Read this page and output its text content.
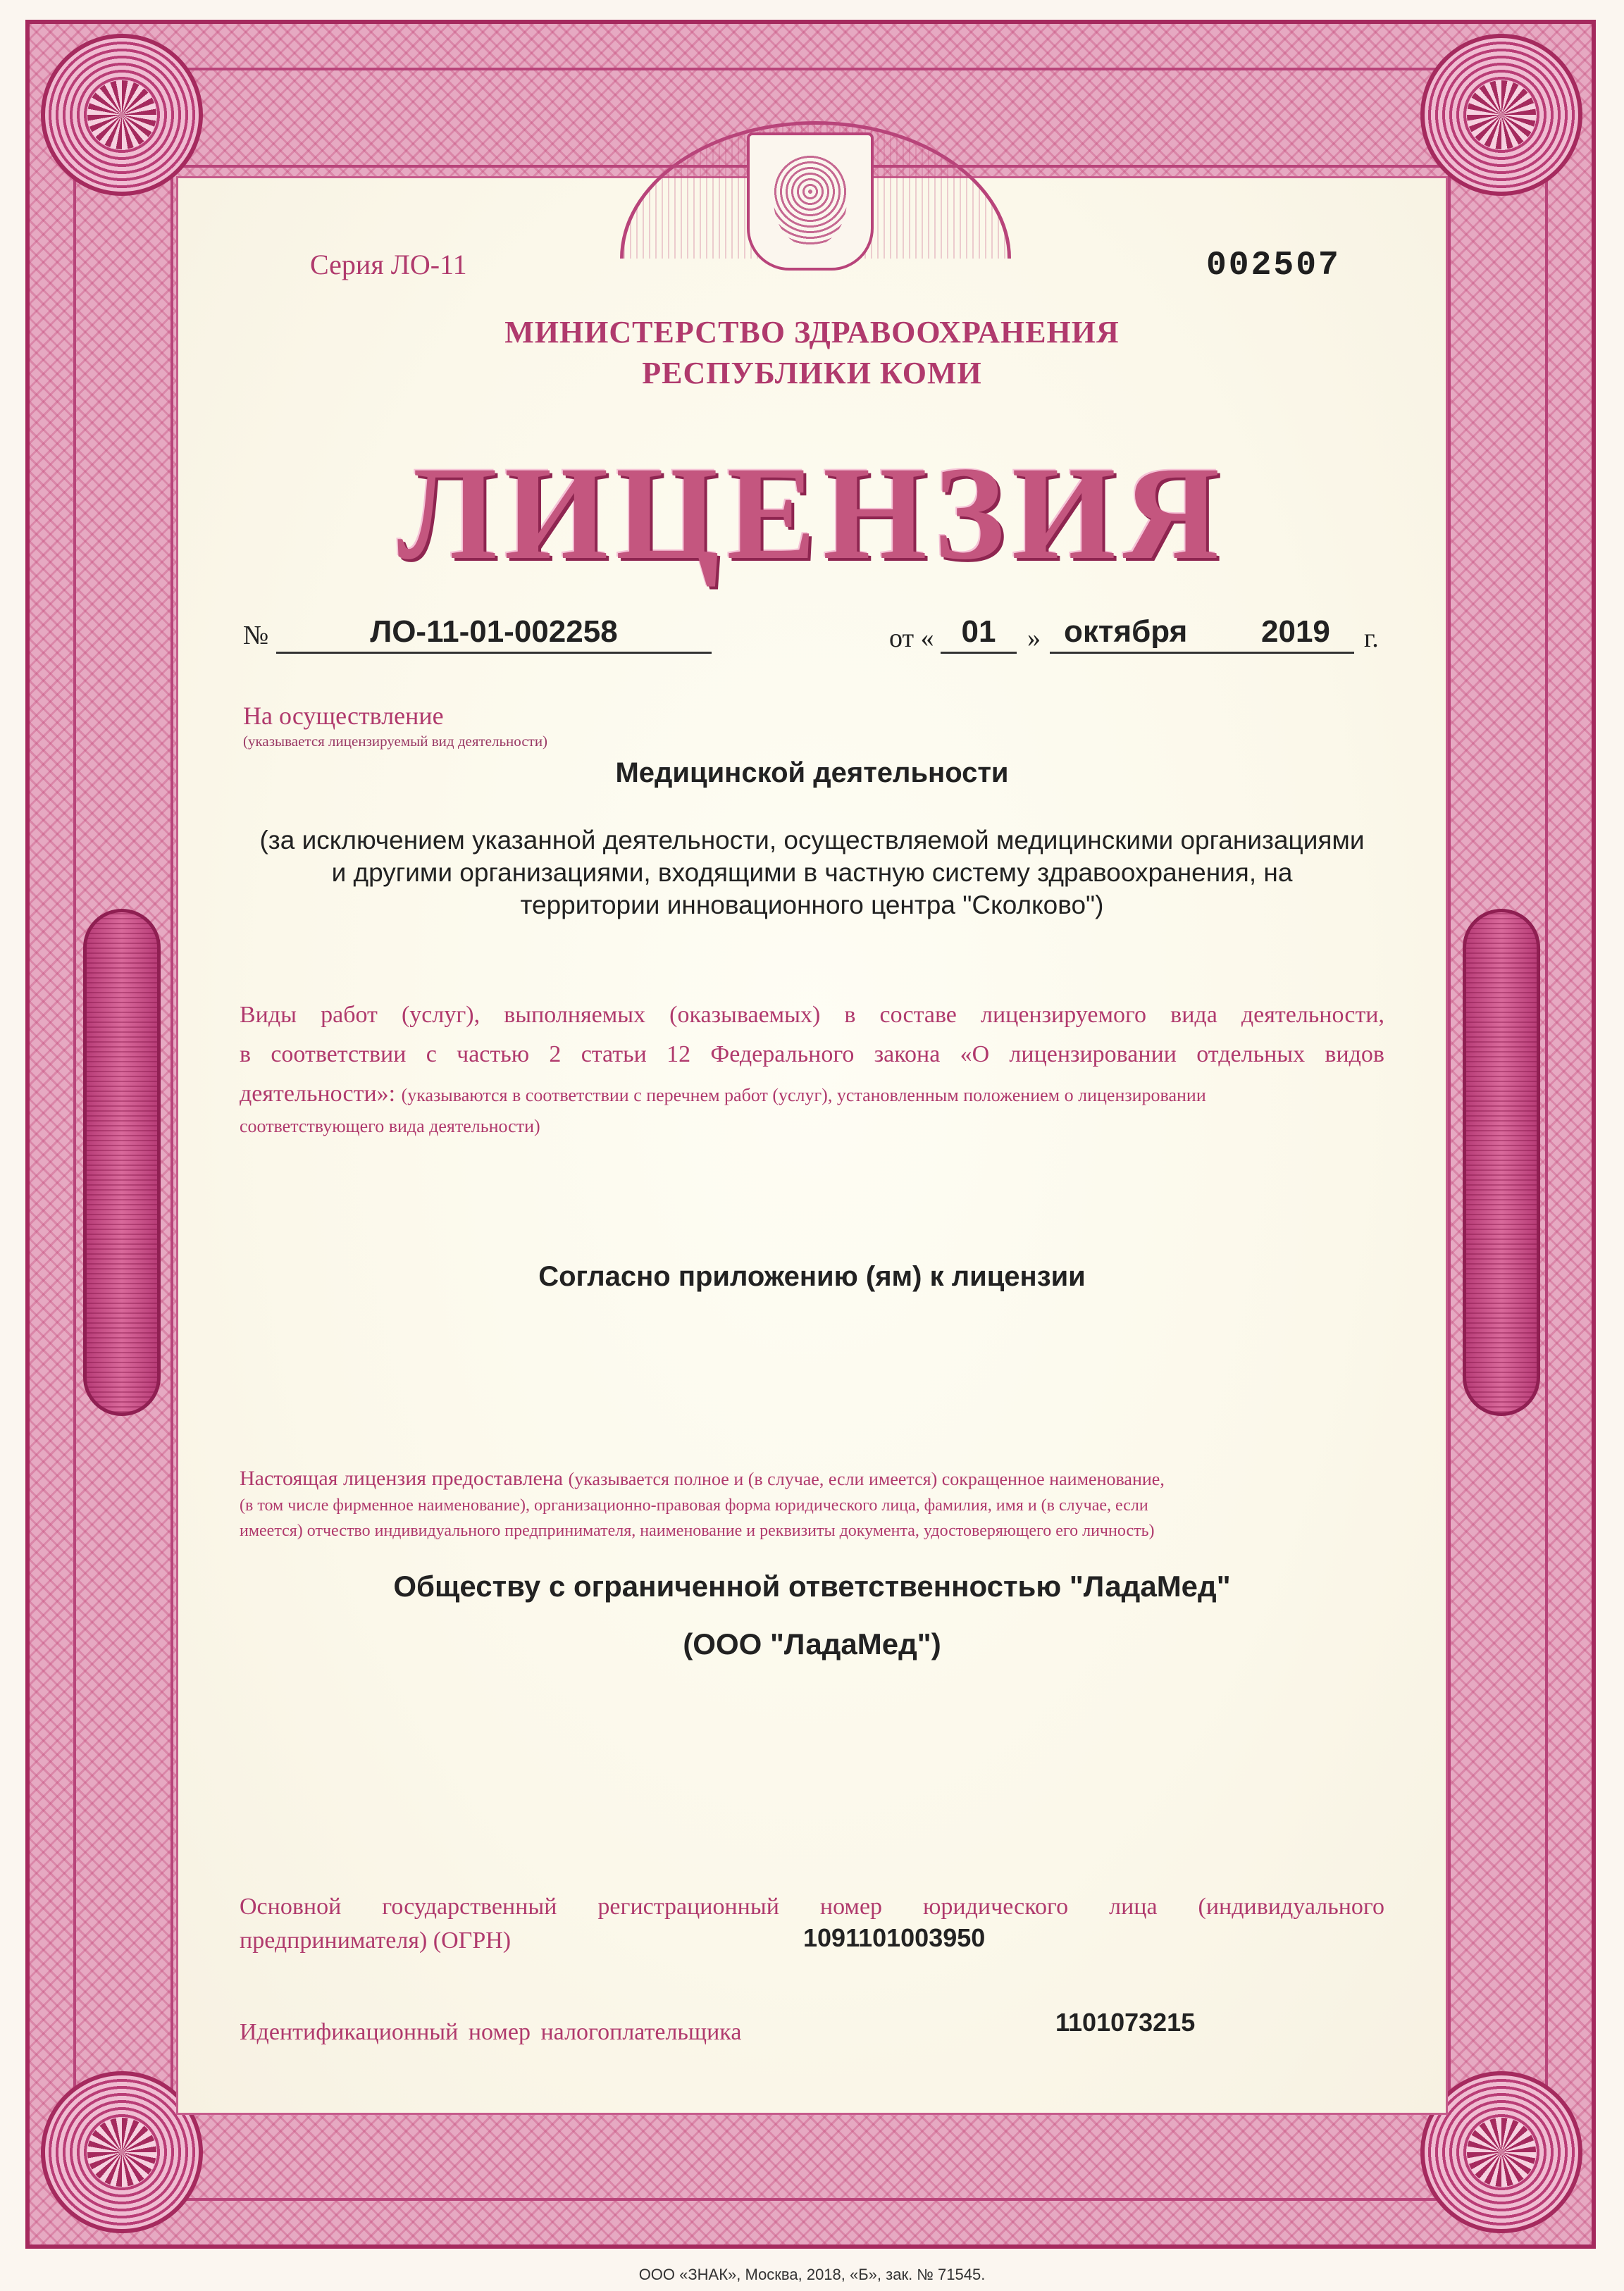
Серия ЛО-11	002507
МИНИСТЕРСТВО ЗДРАВООХРАНЕНИЯ
РЕСПУБЛИКИ КОМИ
ЛИЦЕНЗИЯ
№	ЛО-11-01-002258	от « 01	» октября 2019 г.
На осуществление
(указывается лицензируемый вид деятельности)
Медицинской деятельности
(за исключением указанной деятельности, осуществляемой медицинскими организациями
и другими организациями, входящими в частную систему здравоохранения, на
территории инновационного центра "Сколково")
Виды работ (услуг), выполняемых (оказываемых) в составе лицензируемого вида деятельности,
в соответствии с частью 2 статьи 12 Федерального закона «О лицензировании отдельных видов
деятельности»: (указываются в соответствии с перечнем работ (услуг), установленным положением о лицензировании
соответствующего вида деятельности)
Согласно приложению (ям) к лицензии
Настоящая лицензия предоставлена (указывается полное и (в случае, если имеется) сокращенное наименование,
(в том числе фирменное наименование), организационно-правовая форма юридического лица, фамилия, имя и (в случае, если
имеется) отчество индивидуального предпринимателя, наименование и реквизиты документа, удостоверяющего его личность)
Обществу с ограниченной ответственностью "ЛадаМед"
(ООО "ЛадаМед")
Основной государственный регистрационный номер юридического лица (индивидуального
предпринимателя) (ОГРН)	1091101003950
Идентификационный номер налогоплательщика	1101073215
ООО «ЗНАК», Москва, 2018, «Б», зак. № 71545.
